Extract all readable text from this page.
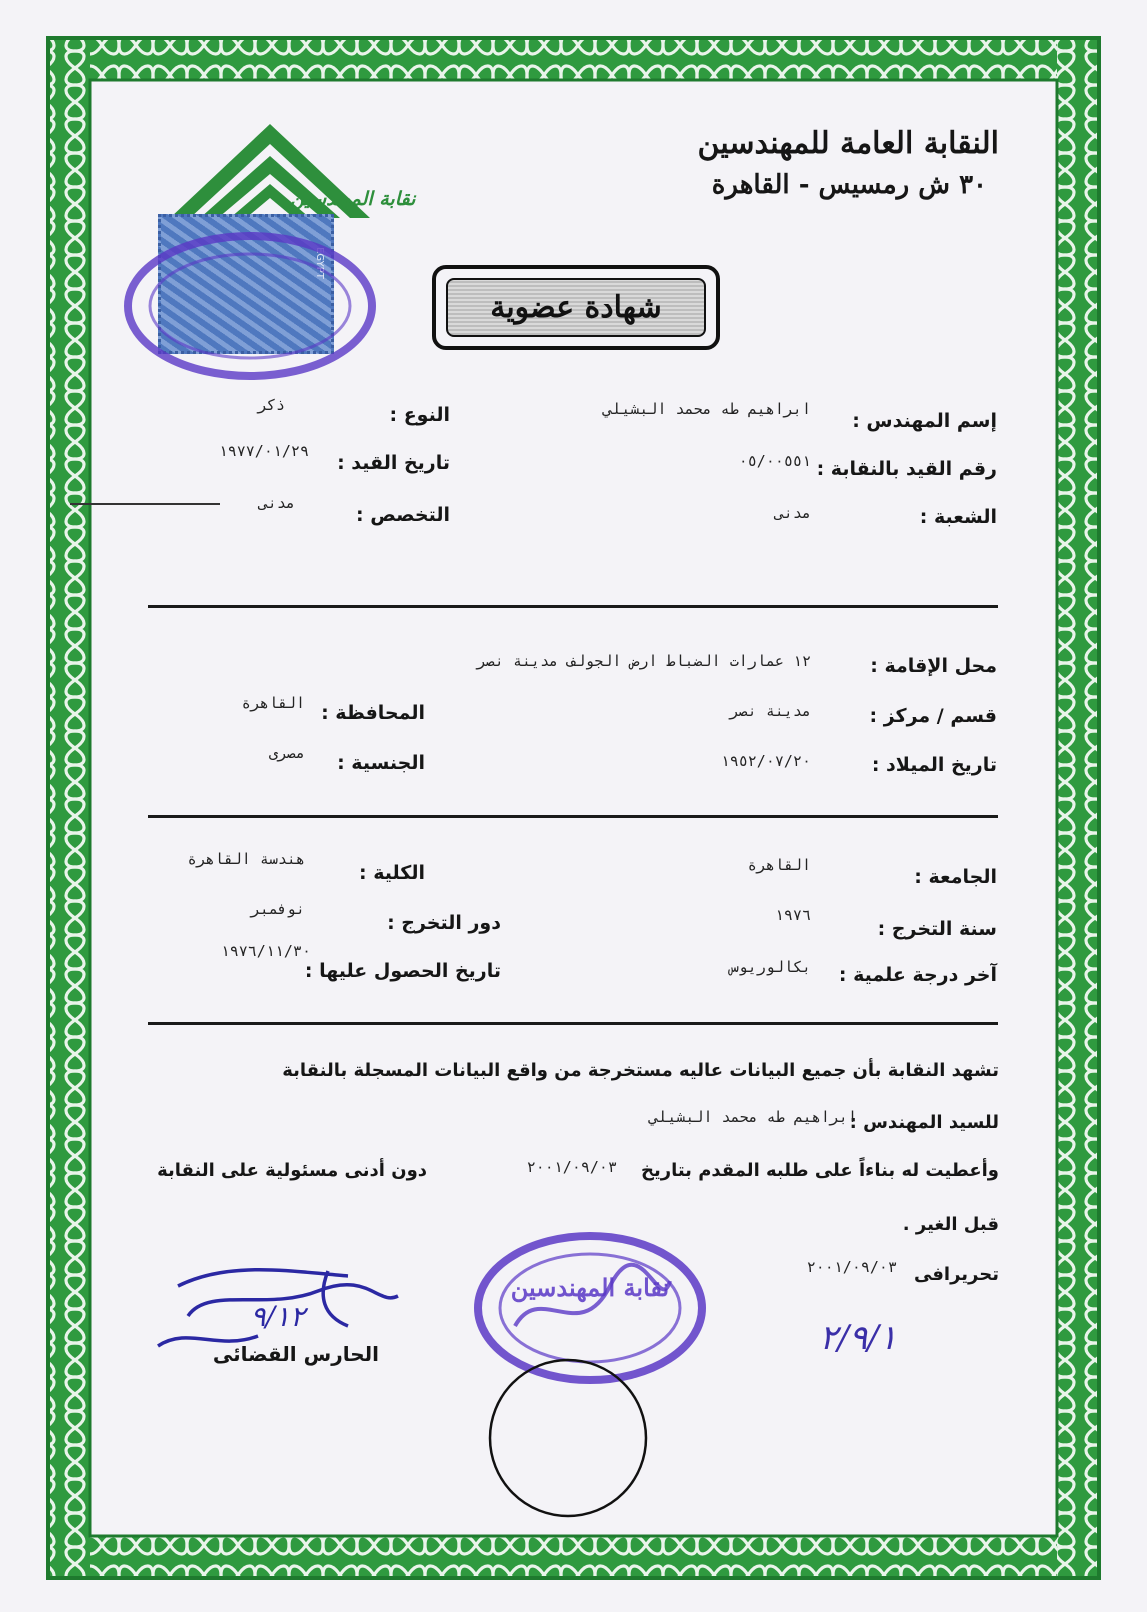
نقابة المهندسين
EGYPT
النقابة العامة للمهندسين
٣٠ ش رمسيس - القاهرة
شهادة عضوية
إسم المهندس :
ابراهيم طه محمد البشيلي
النوع :
ذكر
رقم القيد بالنقابة :
٠٥/٠٠٥٥١
تاريخ القيد :
١٩٧٧/٠١/٢٩
الشعبة :
مدنى
التخصص :
مدنى
محل الإقامة :
١٢ عمارات الضباط ارض الجولف مدينة نصر
قسم / مركز :
مدينة نصر
المحافظة :
القاهرة
تاريخ الميلاد :
١٩٥٢/٠٧/٢٠
الجنسية :
مصرى
الجامعة :
القاهرة
الكلية :
هندسة القاهرة
سنة التخرج :
١٩٧٦
دور التخرج :
نوفمبر
آخر درجة علمية :
بكالوريوس
تاريخ الحصول عليها :
١٩٧٦/١١/٣٠
تشهد النقابة بأن جميع البيانات عاليه مستخرجة من واقع البيانات المسجلة بالنقابة
للسيد المهندس :
ابراهيم طه محمد البشيلي
وأعطيت له بناءاً على طلبه المقدم بتاريخ
٢٠٠١/٠٩/٠٣
دون أدنى مسئولية على النقابة
قبل الغير .
تحريرافى
٢٠٠١/٠٩/٠٣
نقابة المهندسين
٢/٩/١
٩/١٢
الحارس القضائى
